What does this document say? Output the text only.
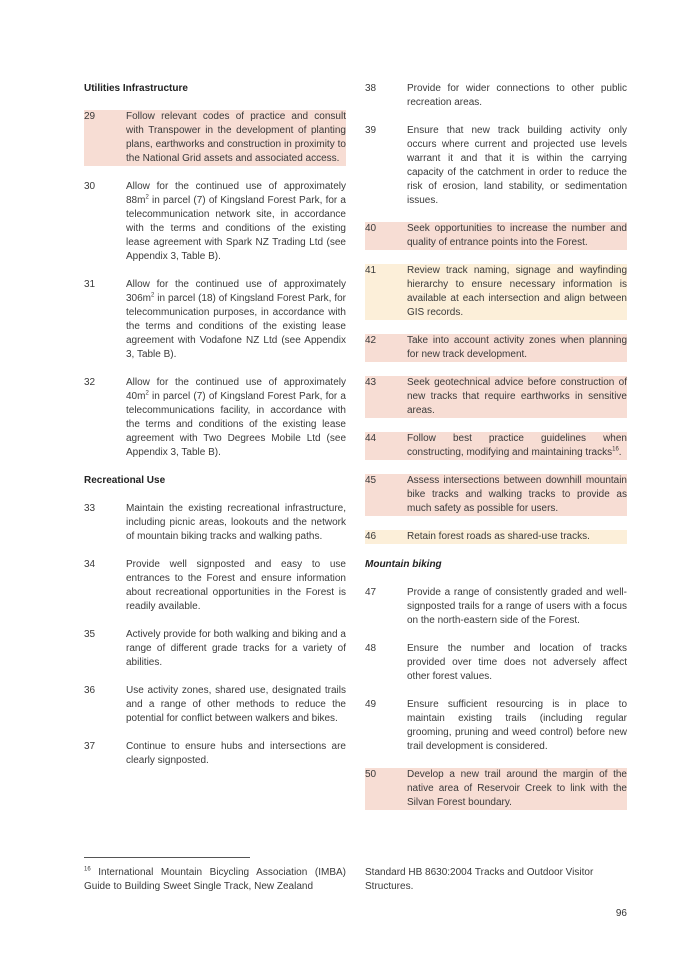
Utilities Infrastructure
29	Follow relevant codes of practice and consult with Transpower in the development of planting plans, earthworks and construction in proximity to the National Grid assets and associated access.
30	Allow for the continued use of approximately $88m^2$ in parcel (7) of Kingsland Forest Park, for a telecommunication network site, in accordance with the terms and conditions of the existing lease agreement with Spark NZ Trading Ltd (see Appendix 3, Table B).
31	Allow for the continued use of approximately $306m^2$ in parcel (18) of Kingsland Forest Park, for telecommunication purposes, in accordance with the terms and conditions of the existing lease agreement with Vodafone NZ Ltd (see Appendix 3, Table B).
32	Allow for the continued use of approximately $40m^2$ in parcel (7) of Kingsland Forest Park, for a telecommunications facility, in accordance with the terms and conditions of the existing lease agreement with Two Degrees Mobile Ltd (see Appendix 3, Table B).
Recreational Use
33	Maintain the existing recreational infrastructure, including picnic areas, lookouts and the network of mountain biking tracks and walking paths.
34	Provide well signposted and easy to use entrances to the Forest and ensure information about recreational opportunities in the Forest is readily available.
35	Actively provide for both walking and biking and a range of different grade tracks for a variety of abilities.
36	Use activity zones, shared use, designated trails and a range of other methods to reduce the potential for conflict between walkers and bikes.
37	Continue to ensure hubs and intersections are clearly signposted.
38	Provide for wider connections to other public recreation areas.
39	Ensure that new track building activity only occurs where current and projected use levels warrant it and that it is within the carrying capacity of the catchment in order to reduce the risk of erosion, land stability, or sedimentation issues.
40	Seek opportunities to increase the number and quality of entrance points into the Forest.
41	Review track naming, signage and wayfinding hierarchy to ensure necessary information is available at each intersection and align between GIS records.
42	Take into account activity zones when planning for new track development.
43	Seek geotechnical advice before construction of new tracks that require earthworks in sensitive areas.
44	Follow best practice guidelines when constructing, modifying and maintaining tracks$^{16}$.
45	Assess intersections between downhill mountain bike tracks and walking tracks to provide as much safety as possible for users.
46	Retain forest roads as shared-use tracks.
Mountain biking
47	Provide a range of consistently graded and well-signposted trails for a range of users with a focus on the north-eastern side of the Forest.
48	Ensure the number and location of tracks provided over time does not adversely affect other forest values.
49	Ensure sufficient resourcing is in place to maintain existing trails (including regular grooming, pruning and weed control) before new trail development is considered.
50	Develop a new trail around the margin of the native area of Reservoir Creek to link with the Silvan Forest boundary.
$^{16}$ International Mountain Bicycling Association (IMBA) Guide to Building Sweet Single Track, New Zealand
Standard HB 8630:2004 Tracks and Outdoor Visitor Structures.
96
